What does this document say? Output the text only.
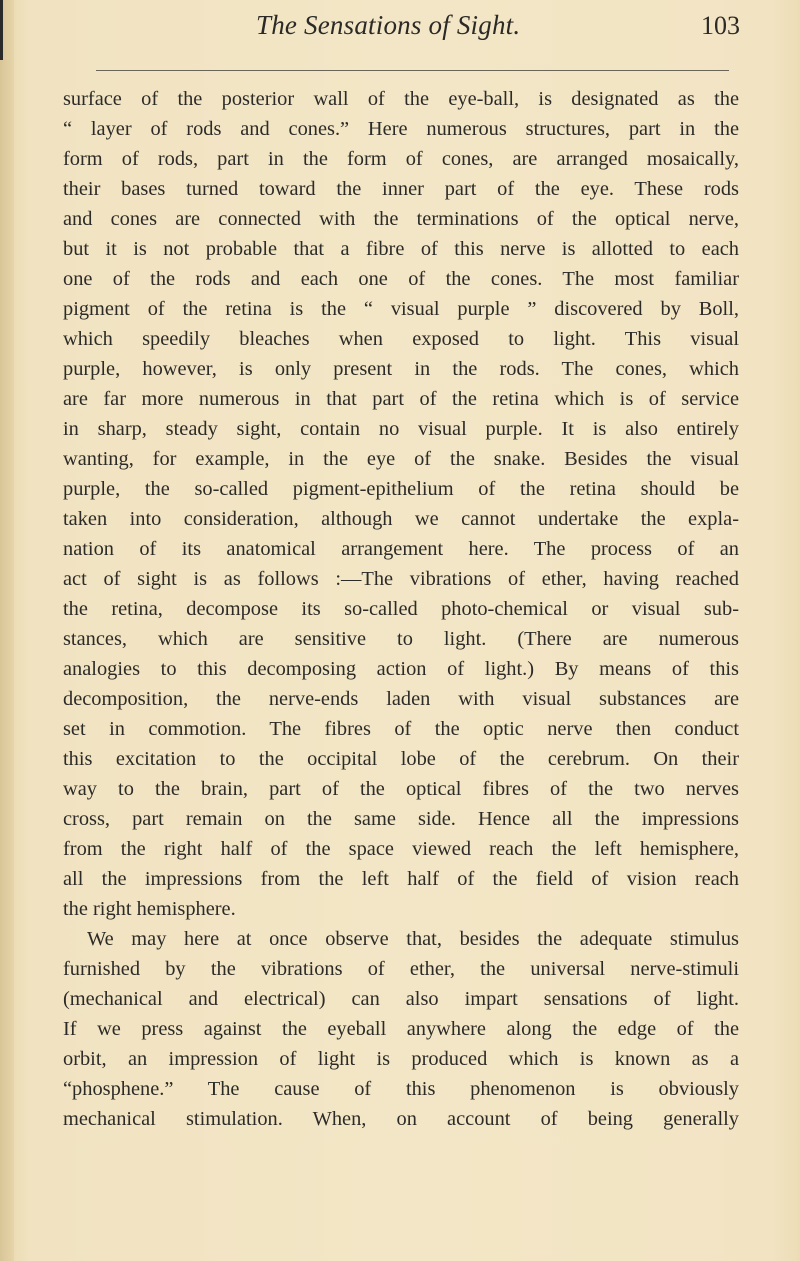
The Sensations of Sight.	103
surface of the posterior wall of the eye-ball, is designated as the
“ layer of rods and cones.” Here numerous structures, part in the
form of rods, part in the form of cones, are arranged mosaically,
their bases turned toward the inner part of the eye. These rods
and cones are connected with the terminations of the optical nerve,
but it is not probable that a fibre of this nerve is allotted to each
one of the rods and each one of the cones. The most familiar
pigment of the retina is the “ visual purple ” discovered by Boll,
which speedily bleaches when exposed to light. This visual
purple, however, is only present in the rods. The cones, which
are far more numerous in that part of the retina which is of service
in sharp, steady sight, contain no visual purple. It is also entirely
wanting, for example, in the eye of the snake. Besides the visual
purple, the so-called pigment-epithelium of the retina should be
taken into consideration, although we cannot undertake the expla-
nation of its anatomical arrangement here. The process of an
act of sight is as follows :—The vibrations of ether, having reached
the retina, decompose its so-called photo-chemical or visual sub-
stances, which are sensitive to light. (There are numerous
analogies to this decomposing action of light.) By means of this
decomposition, the nerve-ends laden with visual substances are
set in commotion. The fibres of the optic nerve then conduct
this excitation to the occipital lobe of the cerebrum. On their
way to the brain, part of the optical fibres of the two nerves
cross, part remain on the same side. Hence all the impressions
from the right half of the space viewed reach the left hemisphere,
all the impressions from the left half of the field of vision reach
the right hemisphere.
We may here at once observe that, besides the adequate stimulus
furnished by the vibrations of ether, the universal nerve-stimuli
(mechanical and electrical) can also impart sensations of light.
If we press against the eyeball anywhere along the edge of the
orbit, an impression of light is produced which is known as a
“phosphene.” The cause of this phenomenon is obviously
mechanical stimulation. When, on account of being generally
